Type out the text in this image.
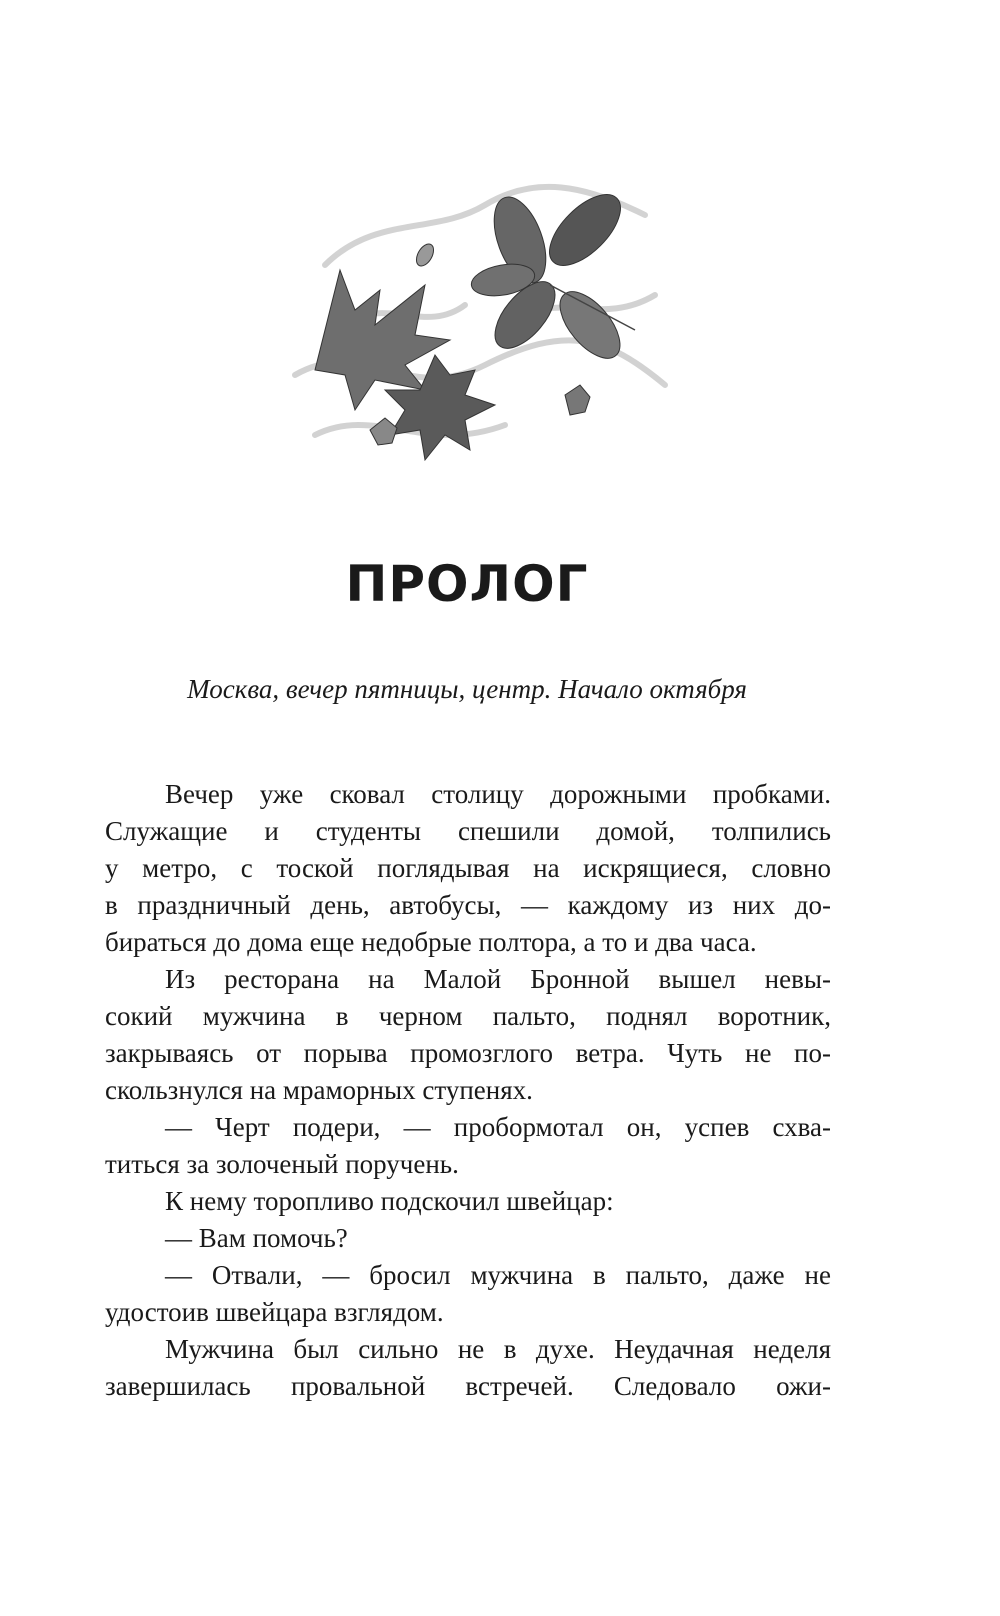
ПРОЛОГ
Москва, вечер пятницы, центр. Начало октября
Вечер уже сковал столицу дорожными пробками.
Служащие и студенты спешили домой, толпились
у метро, с тоской поглядывая на искрящиеся, словно
в праздничный день, автобусы, — каждому из них до-
бираться до дома еще недобрые полтора, а то и два часа.
Из ресторана на Малой Бронной вышел невы-
сокий мужчина в черном пальто, поднял воротник,
закрываясь от порыва промозглого ветра. Чуть не по-
скользнулся на мраморных ступенях.
— Черт подери, — пробормотал он, успев схва-
титься за золоченый поручень.
К нему торопливо подскочил швейцар:
— Вам помочь?
— Отвали, — бросил мужчина в пальто, даже не
удостоив швейцара взглядом.
Мужчина был сильно не в духе. Неудачная неделя
завершилась провальной встречей. Следовало ожи-
